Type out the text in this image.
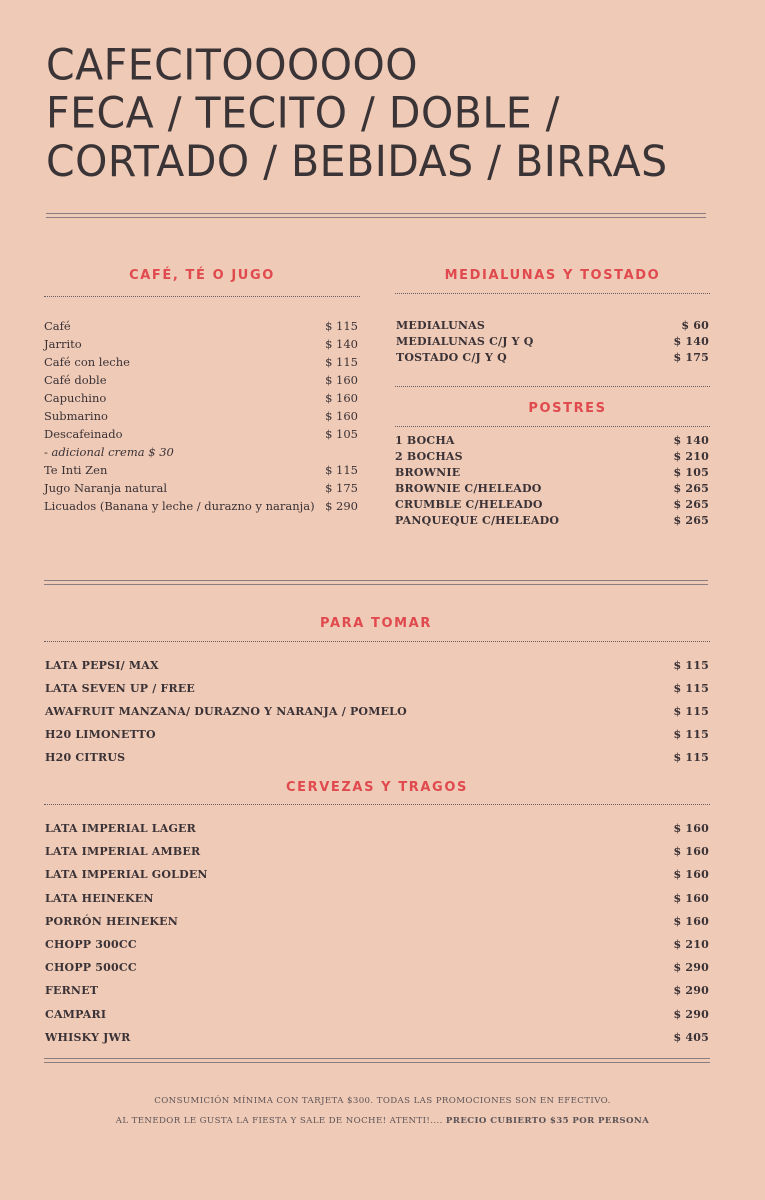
CAFECITOOOOOO
FECA / TECITO / DOBLE /
CORTADO / BEBIDAS / BIRRAS
CAFÉ, TÉ O JUGO
Café	$ 115
Jarrito	$ 140
Café con leche	$ 115
Café doble	$ 160
Capuchino	$ 160
Submarino	$ 160
Descafeinado	$ 105
- adicional crema $ 30
Te Inti Zen	$ 115
Jugo Naranja natural	$ 175
Licuados (Banana y leche / durazno y naranja) $ 290
MEDIALUNAS Y TOSTADO
MEDIALUNAS	$ 60
MEDIALUNAS C/J Y Q	$ 140
TOSTADO C/J Y Q	$ 175
POSTRES
1 BOCHA	$ 140
2 BOCHAS	$ 210
BROWNIE	$ 105
BROWNIE C/HELEADO	$ 265
CRUMBLE C/HELEADO	$ 265
PANQUEQUE C/HELEADO	$ 265
PARA TOMAR
LATA PEPSI/ MAX	$ 115
LATA SEVEN UP / FREE	$ 115
AWAFRUIT MANZANA/ DURAZNO Y NARANJA / POMELO	$ 115
H20 LIMONETTO	$ 115
H20 CITRUS	$ 115
CERVEZAS Y TRAGOS
LATA IMPERIAL LAGER	$ 160
LATA IMPERIAL AMBER	$ 160
LATA IMPERIAL GOLDEN	$ 160
LATA HEINEKEN	$ 160
PORRÓN HEINEKEN	$ 160
CHOPP 300CC	$ 210
CHOPP 500CC	$ 290
FERNET	$ 290
CAMPARI	$ 290
WHISKY JWR	$ 405
CONSUMICIÓN MÍNIMA CON TARJETA $300. TODAS LAS PROMOCIONES SON EN EFECTIVO.
AL TENEDOR LE GUSTA LA FIESTA Y SALE DE NOCHE! ATENTI!.... PRECIO CUBIERTO $35 POR PERSONA
